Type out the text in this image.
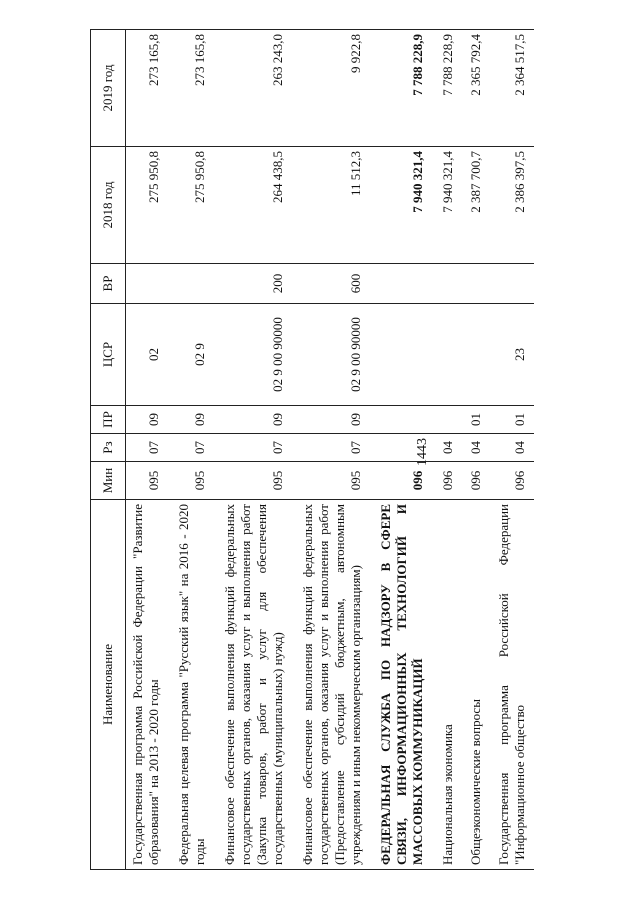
1443
Наименование	Мин	Рз	ПР	ЦСР	ВР	2018 год	2019 год
Государственная программа Российской Федерации "Развитие образования" на 2013 - 2020 годы	095	07	09	02		275 950,8	273 165,8
Федеральная целевая программа "Русский язык" на 2016 - 2020 годы	095	07	09	02 9		275 950,8	273 165,8
Финансовое обеспечение выполнения функций федеральных государственных органов, оказания услуг и выполнения работ (Закупка товаров, работ и услуг для обеспечения государственных (муниципальных) нужд)	095	07	09	02 9 00 90000	200	264 438,5	263 243,0
Финансовое обеспечение выполнения функций федеральных государственных органов, оказания услуг и выполнения работ (Предоставление субсидий бюджетным, автономным учреждениям и иным некоммерческим организациям)	095	07	09	02 9 00 90000	600	11 512,3	9 922,8
ФЕДЕРАЛЬНАЯ СЛУЖБА ПО НАДЗОРУ В СФЕРЕ СВЯЗИ, ИНФОРМАЦИОННЫХ ТЕХНОЛОГИЙ И МАССОВЫХ КОММУНИКАЦИЙ	096					7 940 321,4	7 788 228,9
Национальная экономика	096	04				7 940 321,4	7 788 228,9
Общеэкономические вопросы	096	04	01			2 387 700,7	2 365 792,4
Государственная программа Российской Федерации "Информационное общество	096	04	01	23		2 386 397,5	2 364 517,5
